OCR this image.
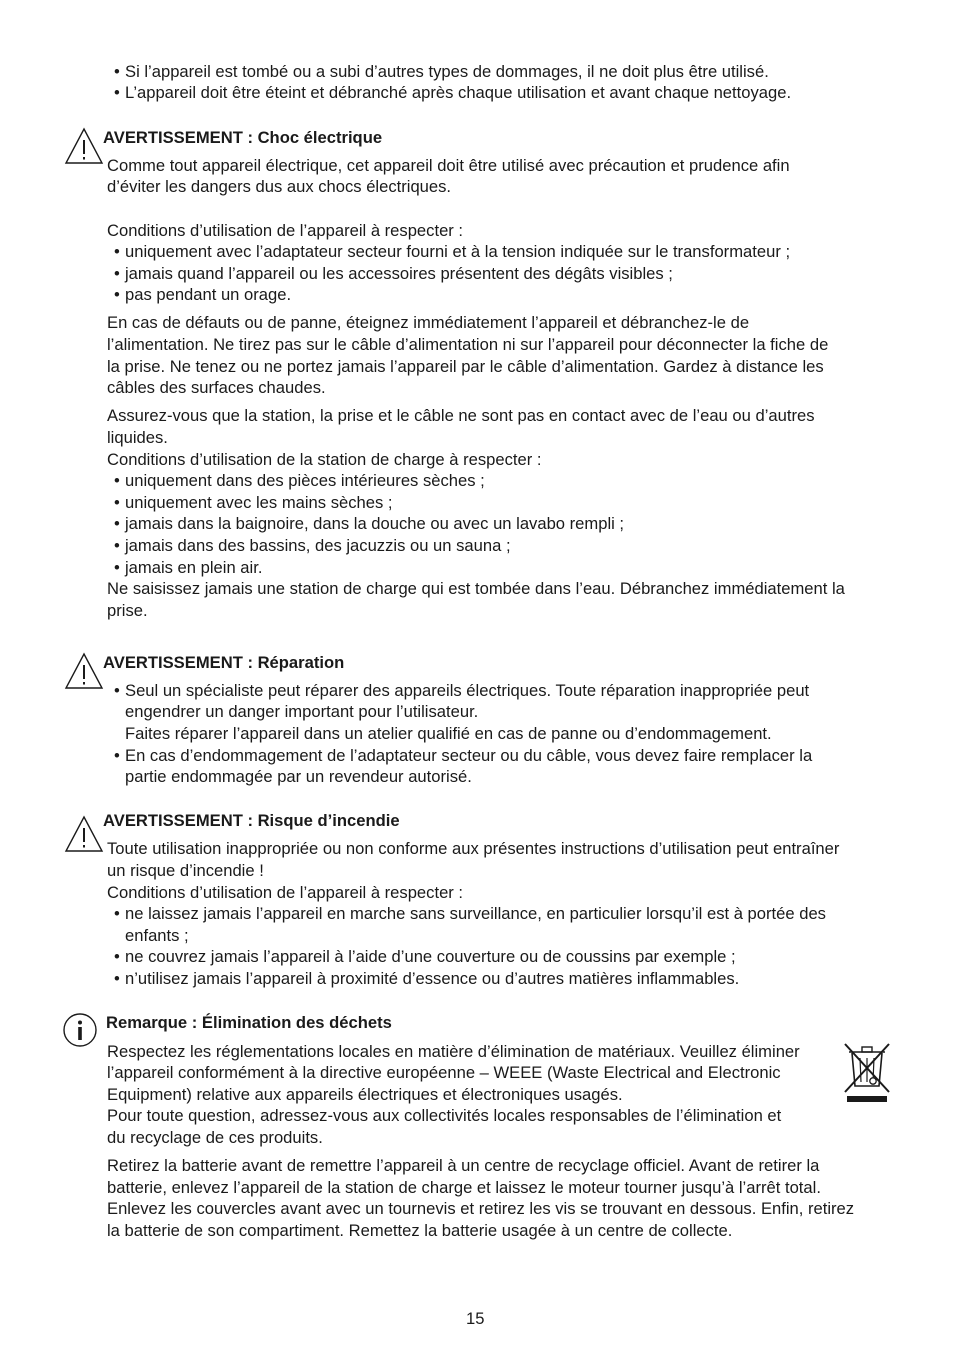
• Si l’appareil est tombé ou a subi d’autres types de dommages, il ne doit plus être utilisé.
• L’appareil doit être éteint et débranché après chaque utilisation et avant chaque nettoyage.
AVERTISSEMENT : Choc électrique
Comme tout appareil électrique, cet appareil doit être utilisé avec précaution et prudence afin
d’éviter les dangers dus aux chocs électriques.
Conditions d’utilisation de l’appareil à respecter :
• uniquement avec l’adaptateur secteur fourni et à la tension indiquée sur le transformateur ;
• jamais quand l’appareil ou les accessoires présentent des dégâts visibles ;
• pas pendant un orage.
En cas de défauts ou de panne, éteignez immédiatement l’appareil et débranchez-le de
l’alimentation. Ne tirez pas sur le câble d’alimentation ni sur l’appareil pour déconnecter la fiche de
la prise. Ne tenez ou ne portez jamais l’appareil par le câble d’alimentation. Gardez à distance les
câbles des surfaces chaudes.
Assurez-vous que la station, la prise et le câble ne sont pas en contact avec de l’eau ou d’autres
liquides.
Conditions d’utilisation de la station de charge à respecter :
• uniquement dans des pièces intérieures sèches ;
• uniquement avec les mains sèches ;
• jamais dans la baignoire, dans la douche ou avec un lavabo rempli ;
• jamais dans des bassins, des jacuzzis ou un sauna ;
• jamais en plein air.
Ne saisissez jamais une station de charge qui est tombée dans l’eau. Débranchez immédiatement la
prise.
AVERTISSEMENT : Réparation
• Seul un spécialiste peut réparer des appareils électriques. Toute réparation inappropriée peut
engendrer un danger important pour l’utilisateur.
Faites réparer l’appareil dans un atelier qualifié en cas de panne ou d’endommagement.
• En cas d’endommagement de l’adaptateur secteur ou du câble, vous devez faire remplacer la
partie endommagée par un revendeur autorisé.
AVERTISSEMENT : Risque d’incendie
Toute utilisation inappropriée ou non conforme aux présentes instructions d’utilisation peut entraîner
un risque d’incendie !
Conditions d’utilisation de l’appareil à respecter :
• ne laissez jamais l’appareil en marche sans surveillance, en particulier lorsqu’il est à portée des
enfants ;
• ne couvrez jamais l’appareil à l’aide d’une couverture ou de coussins par exemple ;
• n’utilisez jamais l’appareil à proximité d’essence ou d’autres matières inflammables.
Remarque : Élimination des déchets
Respectez les réglementations locales en matière d’élimination de matériaux. Veuillez éliminer
l’appareil conformément à la directive européenne – WEEE (Waste Electrical and Electronic
Equipment) relative aux appareils électriques et électroniques usagés.
Pour toute question, adressez-vous aux collectivités locales responsables de l’élimination et
du recyclage de ces produits.
Retirez la batterie avant de remettre l’appareil à un centre de recyclage officiel. Avant de retirer la
batterie, enlevez l’appareil de la station de charge et laissez le moteur tourner jusqu’à l’arrêt total.
Enlevez les couvercles avant avec un tournevis et retirez les vis se trouvant en dessous. Enfin, retirez
la batterie de son compartiment. Remettez la batterie usagée à un centre de collecte.
15
